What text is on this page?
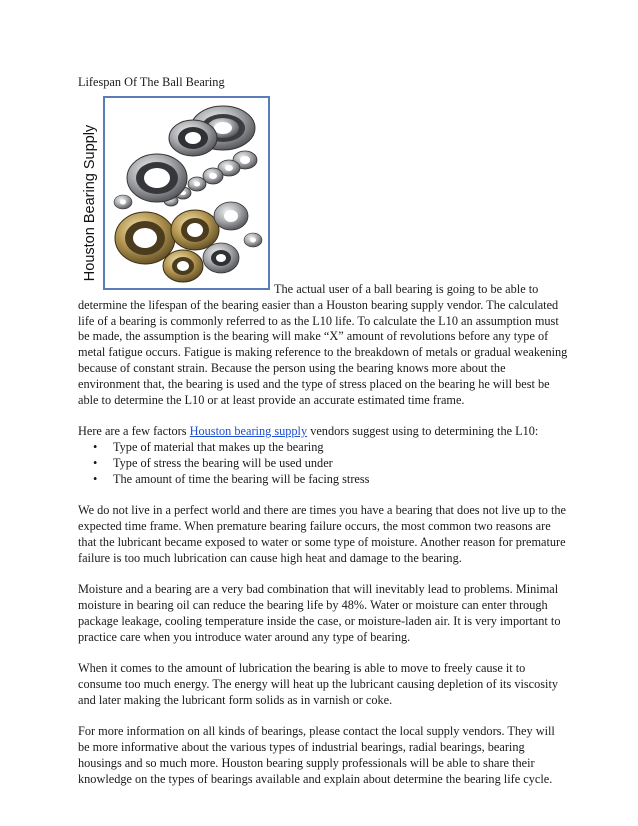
Lifespan Of The Ball Bearing
Houston Bearing Supply

The actual user of a ball bearing is going to be able to determine the lifespan of the bearing easier than a Houston bearing supply vendor. The calculated life of a bearing is commonly referred to as the L10 life. To calculate the L10 an assumption must be made, the assumption is the bearing will make “X” amount of revolutions before any type of metal fatigue occurs. Fatigue is making reference to the breakdown of metals or gradual weakening because of constant strain. Because the person using the bearing knows more about the environment that, the bearing is used and the type of stress placed on the bearing he will best be able to determine the L10 or at least provide an accurate estimated time frame.

Here are a few factors Houston bearing supply vendors suggest using to determining the L10:

• Type of material that makes up the bearing
• Type of stress the bearing will be used under
• The amount of time the bearing will be facing stress

We do not live in a perfect world and there are times you have a bearing that does not live up to the expected time frame. When premature bearing failure occurs, the most common two reasons are that the lubricant became exposed to water or some type of moisture. Another reason for premature failure is too much lubrication can cause high heat and damage to the bearing.

Moisture and a bearing are a very bad combination that will inevitably lead to problems. Minimal moisture in bearing oil can reduce the bearing life by 48%. Water or moisture can enter through package leakage, cooling temperature inside the case, or moisture-laden air. It is very important to practice care when you introduce water around any type of bearing.

When it comes to the amount of lubrication the bearing is able to move to freely cause it to consume too much energy. The energy will heat up the lubricant causing depletion of its viscosity and later making the lubricant form solids as in varnish or coke.

For more information on all kinds of bearings, please contact the local supply vendors. They will be more informative about the various types of industrial bearings, radial bearings, bearing housings and so much more. Houston bearing supply professionals will be able to share their knowledge on the types of bearings available and explain about determine the bearing life cycle.
